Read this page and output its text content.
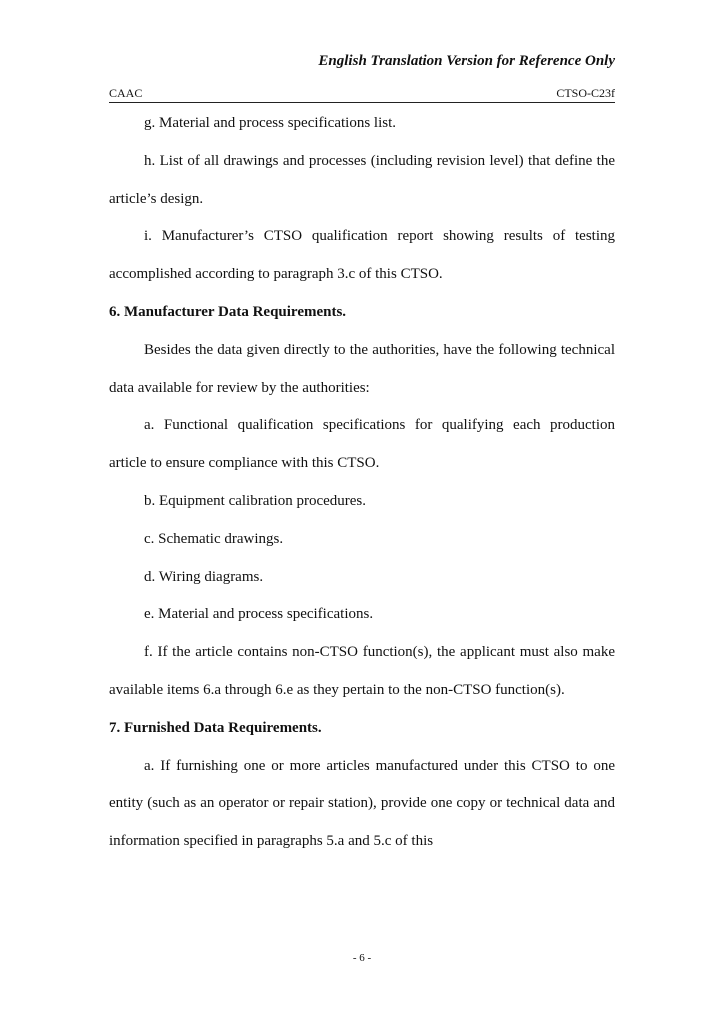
English Translation Version for Reference Only
CAAC	CTSO-C23f

g. Material and process specifications list.

h. List of all drawings and processes (including revision level) that define the article’s design.

i. Manufacturer’s CTSO qualification report showing results of testing accomplished according to paragraph 3.c of this CTSO.

6. Manufacturer Data Requirements.

Besides the data given directly to the authorities, have the following technical data available for review by the authorities:

a. Functional qualification specifications for qualifying each production article to ensure compliance with this CTSO.

b. Equipment calibration procedures.

c. Schematic drawings.

d. Wiring diagrams.

e. Material and process specifications.

f. If the article contains non-CTSO function(s), the applicant must also make available items 6.a through 6.e as they pertain to the non-CTSO function(s).

7. Furnished Data Requirements.

a. If furnishing one or more articles manufactured under this CTSO to one entity (such as an operator or repair station), provide one copy or technical data and information specified in paragraphs 5.a and 5.c of this

- 6 -
